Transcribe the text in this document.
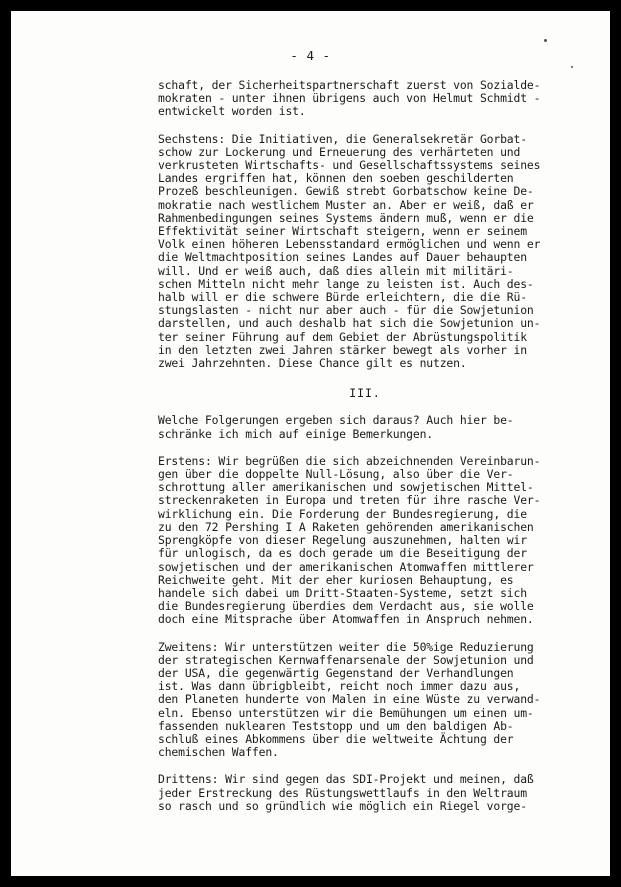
- 4 -
schaft, der Sicherheitspartnerschaft zuerst von Sozialde-
mokraten - unter ihnen übrigens auch von Helmut Schmidt -
entwickelt worden ist.
Sechstens: Die Initiativen, die Generalsekretär Gorbat-
schow zur Lockerung und Erneuerung des verhärteten und
verkrusteten Wirtschafts- und Gesellschaftssystems seines
Landes ergriffen hat, können den soeben geschilderten
Prozeß beschleunigen. Gewiß strebt Gorbatschow keine De-
mokratie nach westlichem Muster an. Aber er weiß, daß er
Rahmenbedingungen seines Systems ändern muß, wenn er die
Effektivität seiner Wirtschaft steigern, wenn er seinem
Volk einen höheren Lebensstandard ermöglichen und wenn er
die Weltmachtposition seines Landes auf Dauer behaupten
will. Und er weiß auch, daß dies allein mit militäri-
schen Mitteln nicht mehr lange zu leisten ist. Auch des-
halb will er die schwere Bürde erleichtern, die die Rü-
stungslasten - nicht nur aber auch - für die Sowjetunion
darstellen, und auch deshalb hat sich die Sowjetunion un-
ter seiner Führung auf dem Gebiet der Abrüstungspolitik
in den letzten zwei Jahren stärker bewegt als vorher in
zwei Jahrzehnten. Diese Chance gilt es nutzen.
III.
Welche Folgerungen ergeben sich daraus? Auch hier be-
schränke ich mich auf einige Bemerkungen.
Erstens: Wir begrüßen die sich abzeichnenden Vereinbarun-
gen über die doppelte Null-Lösung, also über die Ver-
schrottung aller amerikanischen und sowjetischen Mittel-
streckenraketen in Europa und treten für ihre rasche Ver-
wirklichung ein. Die Forderung der Bundesregierung, die
zu den 72 Pershing I A Raketen gehörenden amerikanischen
Sprengköpfe von dieser Regelung auszunehmen, halten wir
für unlogisch, da es doch gerade um die Beseitigung der
sowjetischen und der amerikanischen Atomwaffen mittlerer
Reichweite geht. Mit der eher kuriosen Behauptung, es
handele sich dabei um Dritt-Staaten-Systeme, setzt sich
die Bundesregierung überdies dem Verdacht aus, sie wolle
doch eine Mitsprache über Atomwaffen in Anspruch nehmen.
Zweitens: Wir unterstützen weiter die 50%ige Reduzierung
der strategischen Kernwaffenarsenale der Sowjetunion und
der USA, die gegenwärtig Gegenstand der Verhandlungen
ist. Was dann übrigbleibt, reicht noch immer dazu aus,
den Planeten hunderte von Malen in eine Wüste zu verwand-
eln. Ebenso unterstützen wir die Bemühungen um einen um-
fassenden nuklearen Teststopp und um den baldigen Ab-
schluß eines Abkommens über die weltweite Ächtung der
chemischen Waffen.
Drittens: Wir sind gegen das SDI-Projekt und meinen, daß
jeder Erstreckung des Rüstungswettlaufs in den Weltraum
so rasch und so gründlich wie möglich ein Riegel vorge-
